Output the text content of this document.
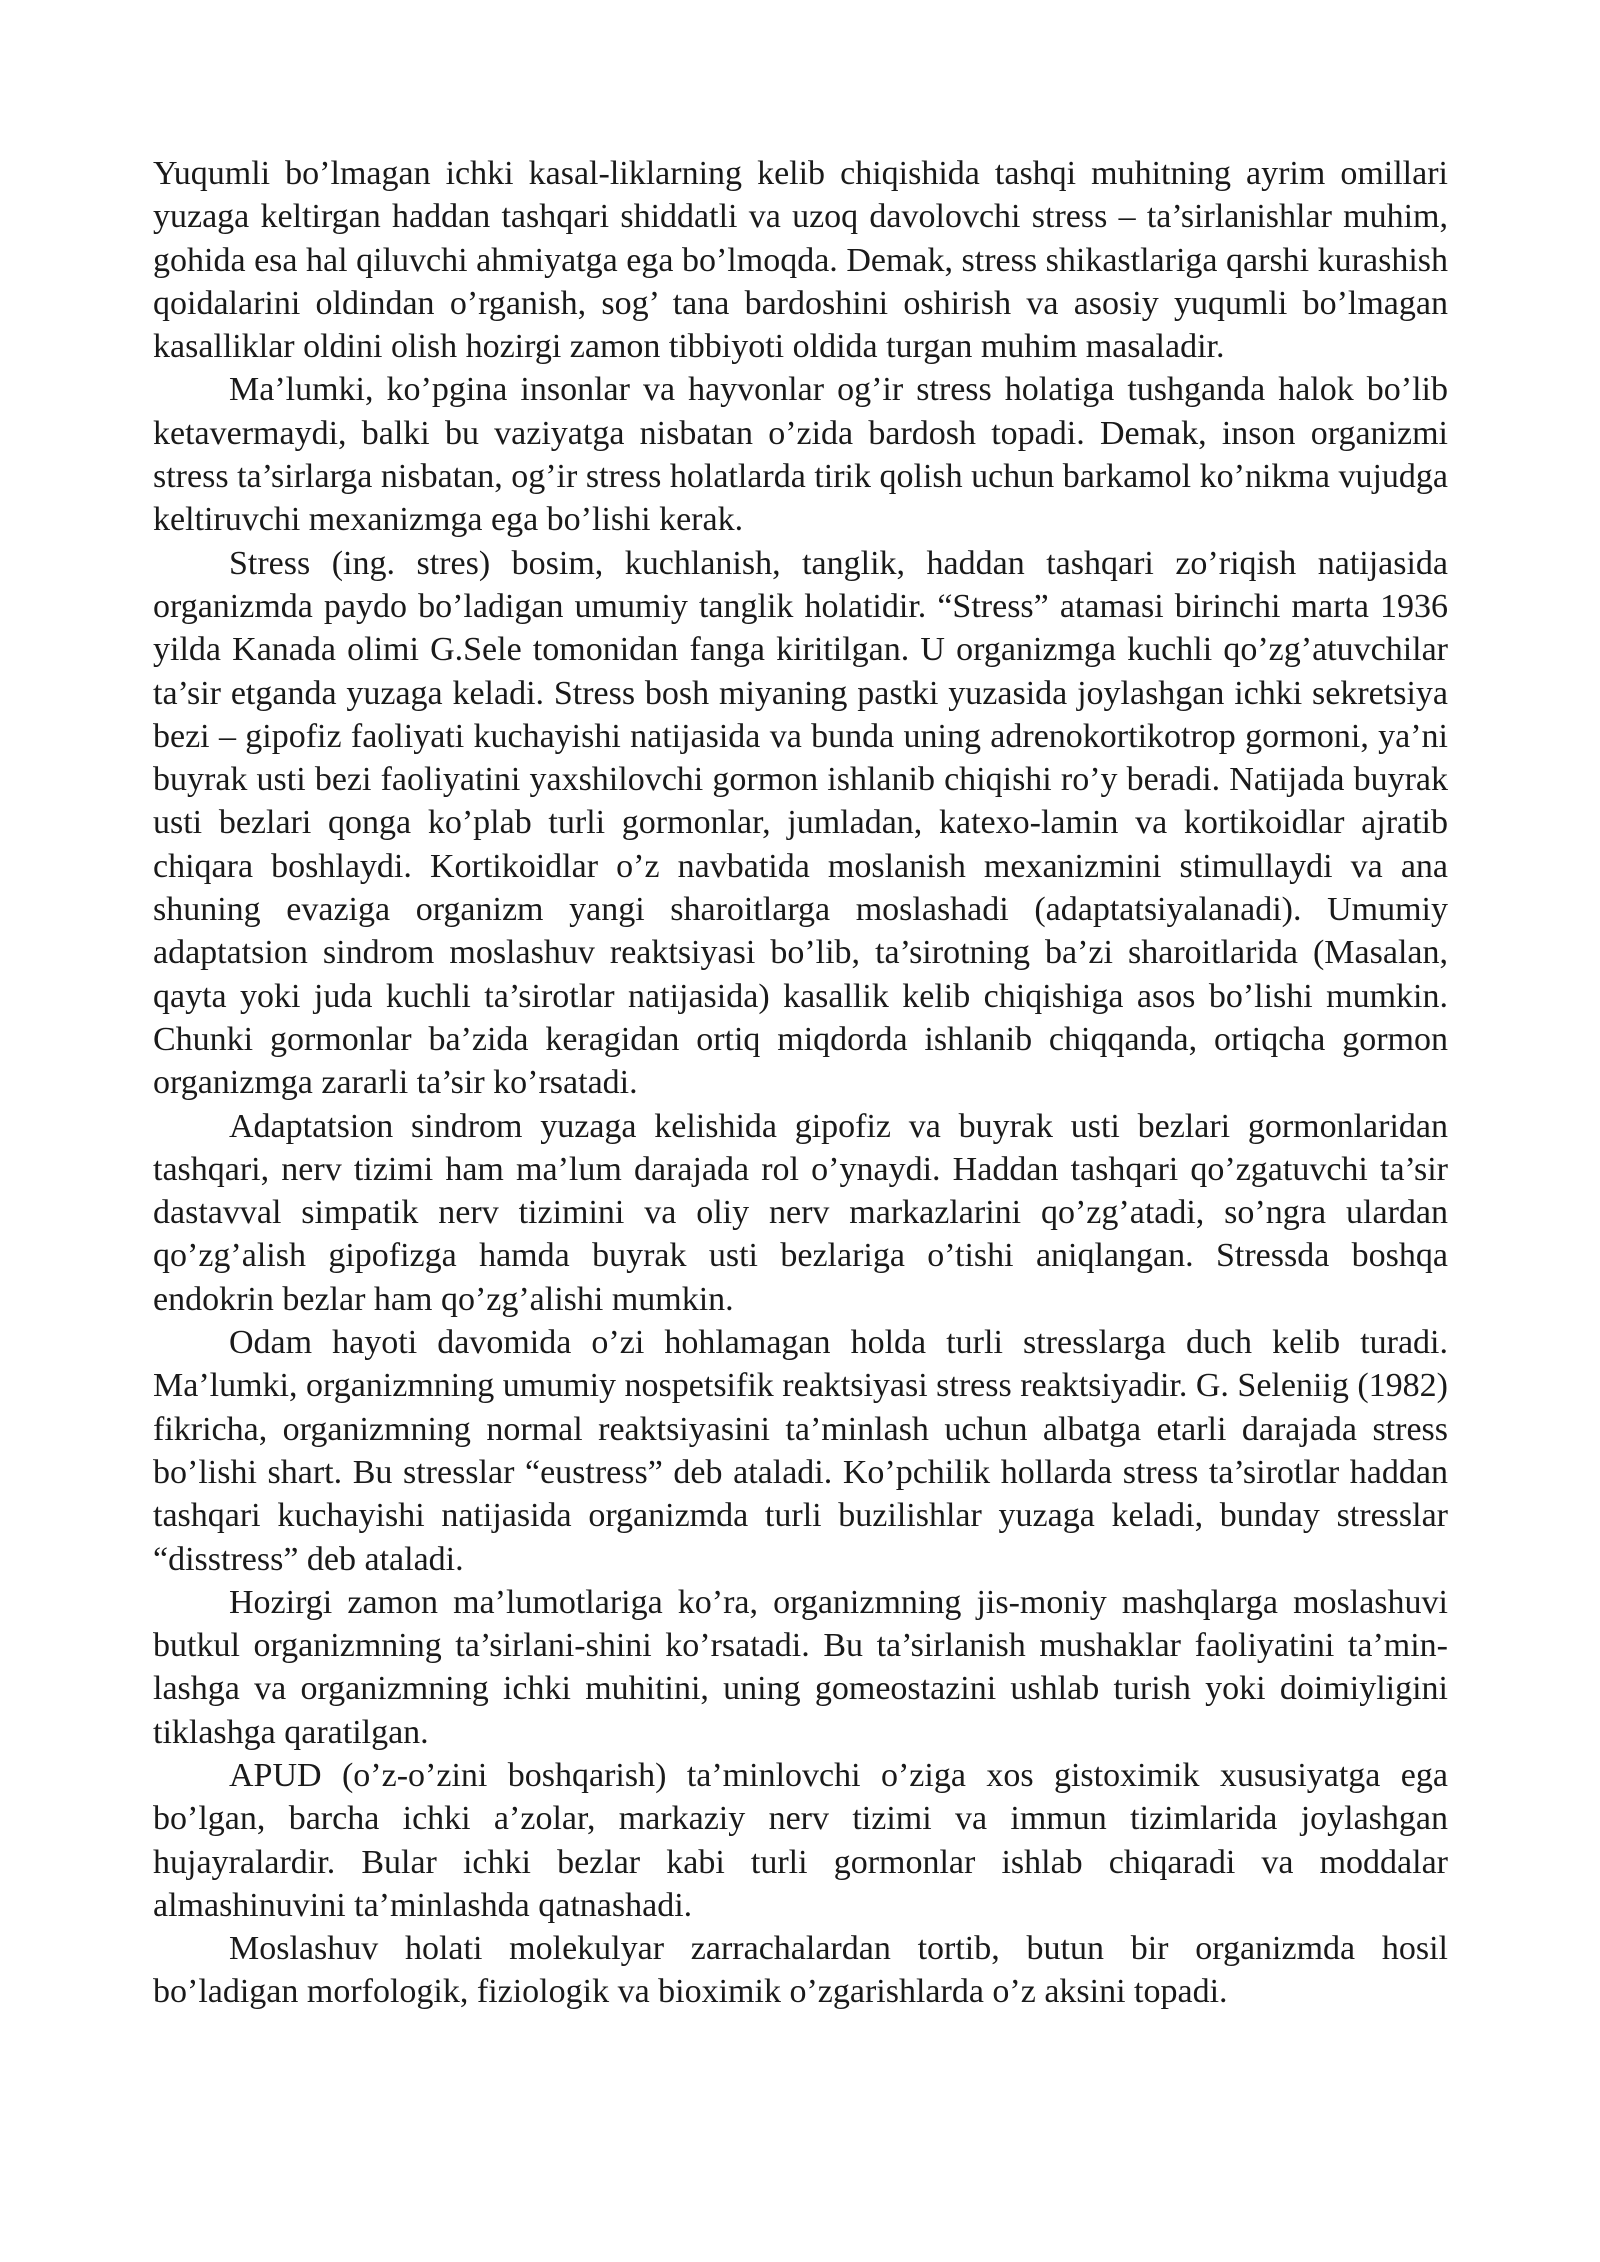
Yuqumli bo’lmagan ichki kasal-liklarning kelib chiqishida tashqi muhitning ayrim omillari yuzaga keltirgan haddan tashqari shiddatli va uzoq davolovchi stress – ta’sirlanishlar muhim, gohida esa hal qiluvchi ahmiyatga ega bo’lmoqda. Demak, stress shikastlariga qarshi kurashish qoidalarini oldindan o’rganish, sog’ tana bardoshini oshirish va asosiy yuqumli bo’lmagan kasalliklar oldini olish hozirgi zamon tibbiyoti oldida turgan muhim masaladir.

Ma’lumki, ko’pgina insonlar va hayvonlar og’ir stress holatiga tushganda halok bo’lib ketavermaydi, balki bu vaziyatga nisbatan o’zida bardosh topadi. Demak, inson organizmi stress ta’sirlarga nisbatan, og’ir stress holatlarda tirik qolish uchun barkamol ko’nikma vujudga keltiruvchi mexanizmga ega bo’lishi kerak.

Stress (ing. stres) bosim, kuchlanish, tanglik, haddan tashqari zo’riqish natijasida organizmda paydo bo’ladigan umumiy tanglik holatidir. “Stress” atamasi birinchi marta 1936 yilda Kanada olimi G.Sele tomonidan fanga kiritilgan. U organizmga kuchli qo’zg’atuvchilar ta’sir etganda yuzaga keladi. Stress bosh miyaning pastki yuzasida joylashgan ichki sekretsiya bezi – gipofiz faoliyati kuchayishi natijasida va bunda uning adrenokortikotrop gormoni, ya’ni buyrak usti bezi faoliyatini yaxshilovchi gormon ishlanib chiqishi ro’y beradi. Natijada buyrak usti bezlari qonga ko’plab turli gormonlar, jumladan, katexo-lamin va kortikoidlar ajratib chiqara boshlaydi. Kortikoidlar o’z navbatida moslanish mexanizmini stimullaydi va ana shuning evaziga organizm yangi sharoitlarga moslashadi (adaptatsiyalanadi). Umumiy adaptatsion sindrom moslashuv reaktsiyasi bo’lib, ta’sirotning ba’zi sharoitlarida (Masalan, qayta yoki juda kuchli ta’sirotlar natijasida) kasallik kelib chiqishiga asos bo’lishi mumkin. Chunki gormonlar ba’zida keragidan ortiq miqdorda ishlanib chiqqanda, ortiqcha gormon organizmga zararli ta’sir ko’rsatadi.

Adaptatsion sindrom yuzaga kelishida gipofiz va buyrak usti bezlari gormonlaridan tashqari, nerv tizimi ham ma’lum darajada rol o’ynaydi. Haddan tashqari qo’zgatuvchi ta’sir dastavval simpatik nerv tizimini va oliy nerv markazlarini qo’zg’atadi, so’ngra ulardan qo’zg’alish gipofizga hamda buyrak usti bezlariga o’tishi aniqlangan. Stressda boshqa endokrin bezlar ham qo’zg’alishi mumkin.

Odam hayoti davomida o’zi hohlamagan holda turli stresslarga duch kelib turadi. Ma’lumki, organizmning umumiy nospetsifik reaktsiyasi stress reaktsiyadir. G. Seleniig (1982) fikricha, organizmning normal reaktsiyasini ta’minlash uchun albatga etarli darajada stress bo’lishi shart. Bu stresslar “eustress” deb ataladi. Ko’pchilik hollarda stress ta’sirotlar haddan tashqari kuchayishi natijasida organizmda turli buzilishlar yuzaga keladi, bunday stresslar “disstress” deb ataladi.

Hozirgi zamon ma’lumotlariga ko’ra, organizmning jis-moniy mashqlarga moslashuvi butkul organizmning ta’sirlani-shini ko’rsatadi. Bu ta’sirlanish mushaklar faoliyatini ta’min-lashga va organizmning ichki muhitini, uning gomeostazini ushlab turish yoki doimiyligini tiklashga qaratilgan.

APUD (o’z-o’zini boshqarish) ta’minlovchi o’ziga xos gistoximik xususiyatga ega bo’lgan, barcha ichki a’zolar, markaziy nerv tizimi va immun tizimlarida joylashgan hujayralardir. Bular ichki bezlar kabi turli gormonlar ishlab chiqaradi va moddalar almashinuvini ta’minlashda qatnashadi.

Moslashuv holati molekulyar zarrachalardan tortib, butun bir organizmda hosil bo’ladigan morfologik, fiziologik va bioximik o’zgarishlarda o’z aksini topadi.
